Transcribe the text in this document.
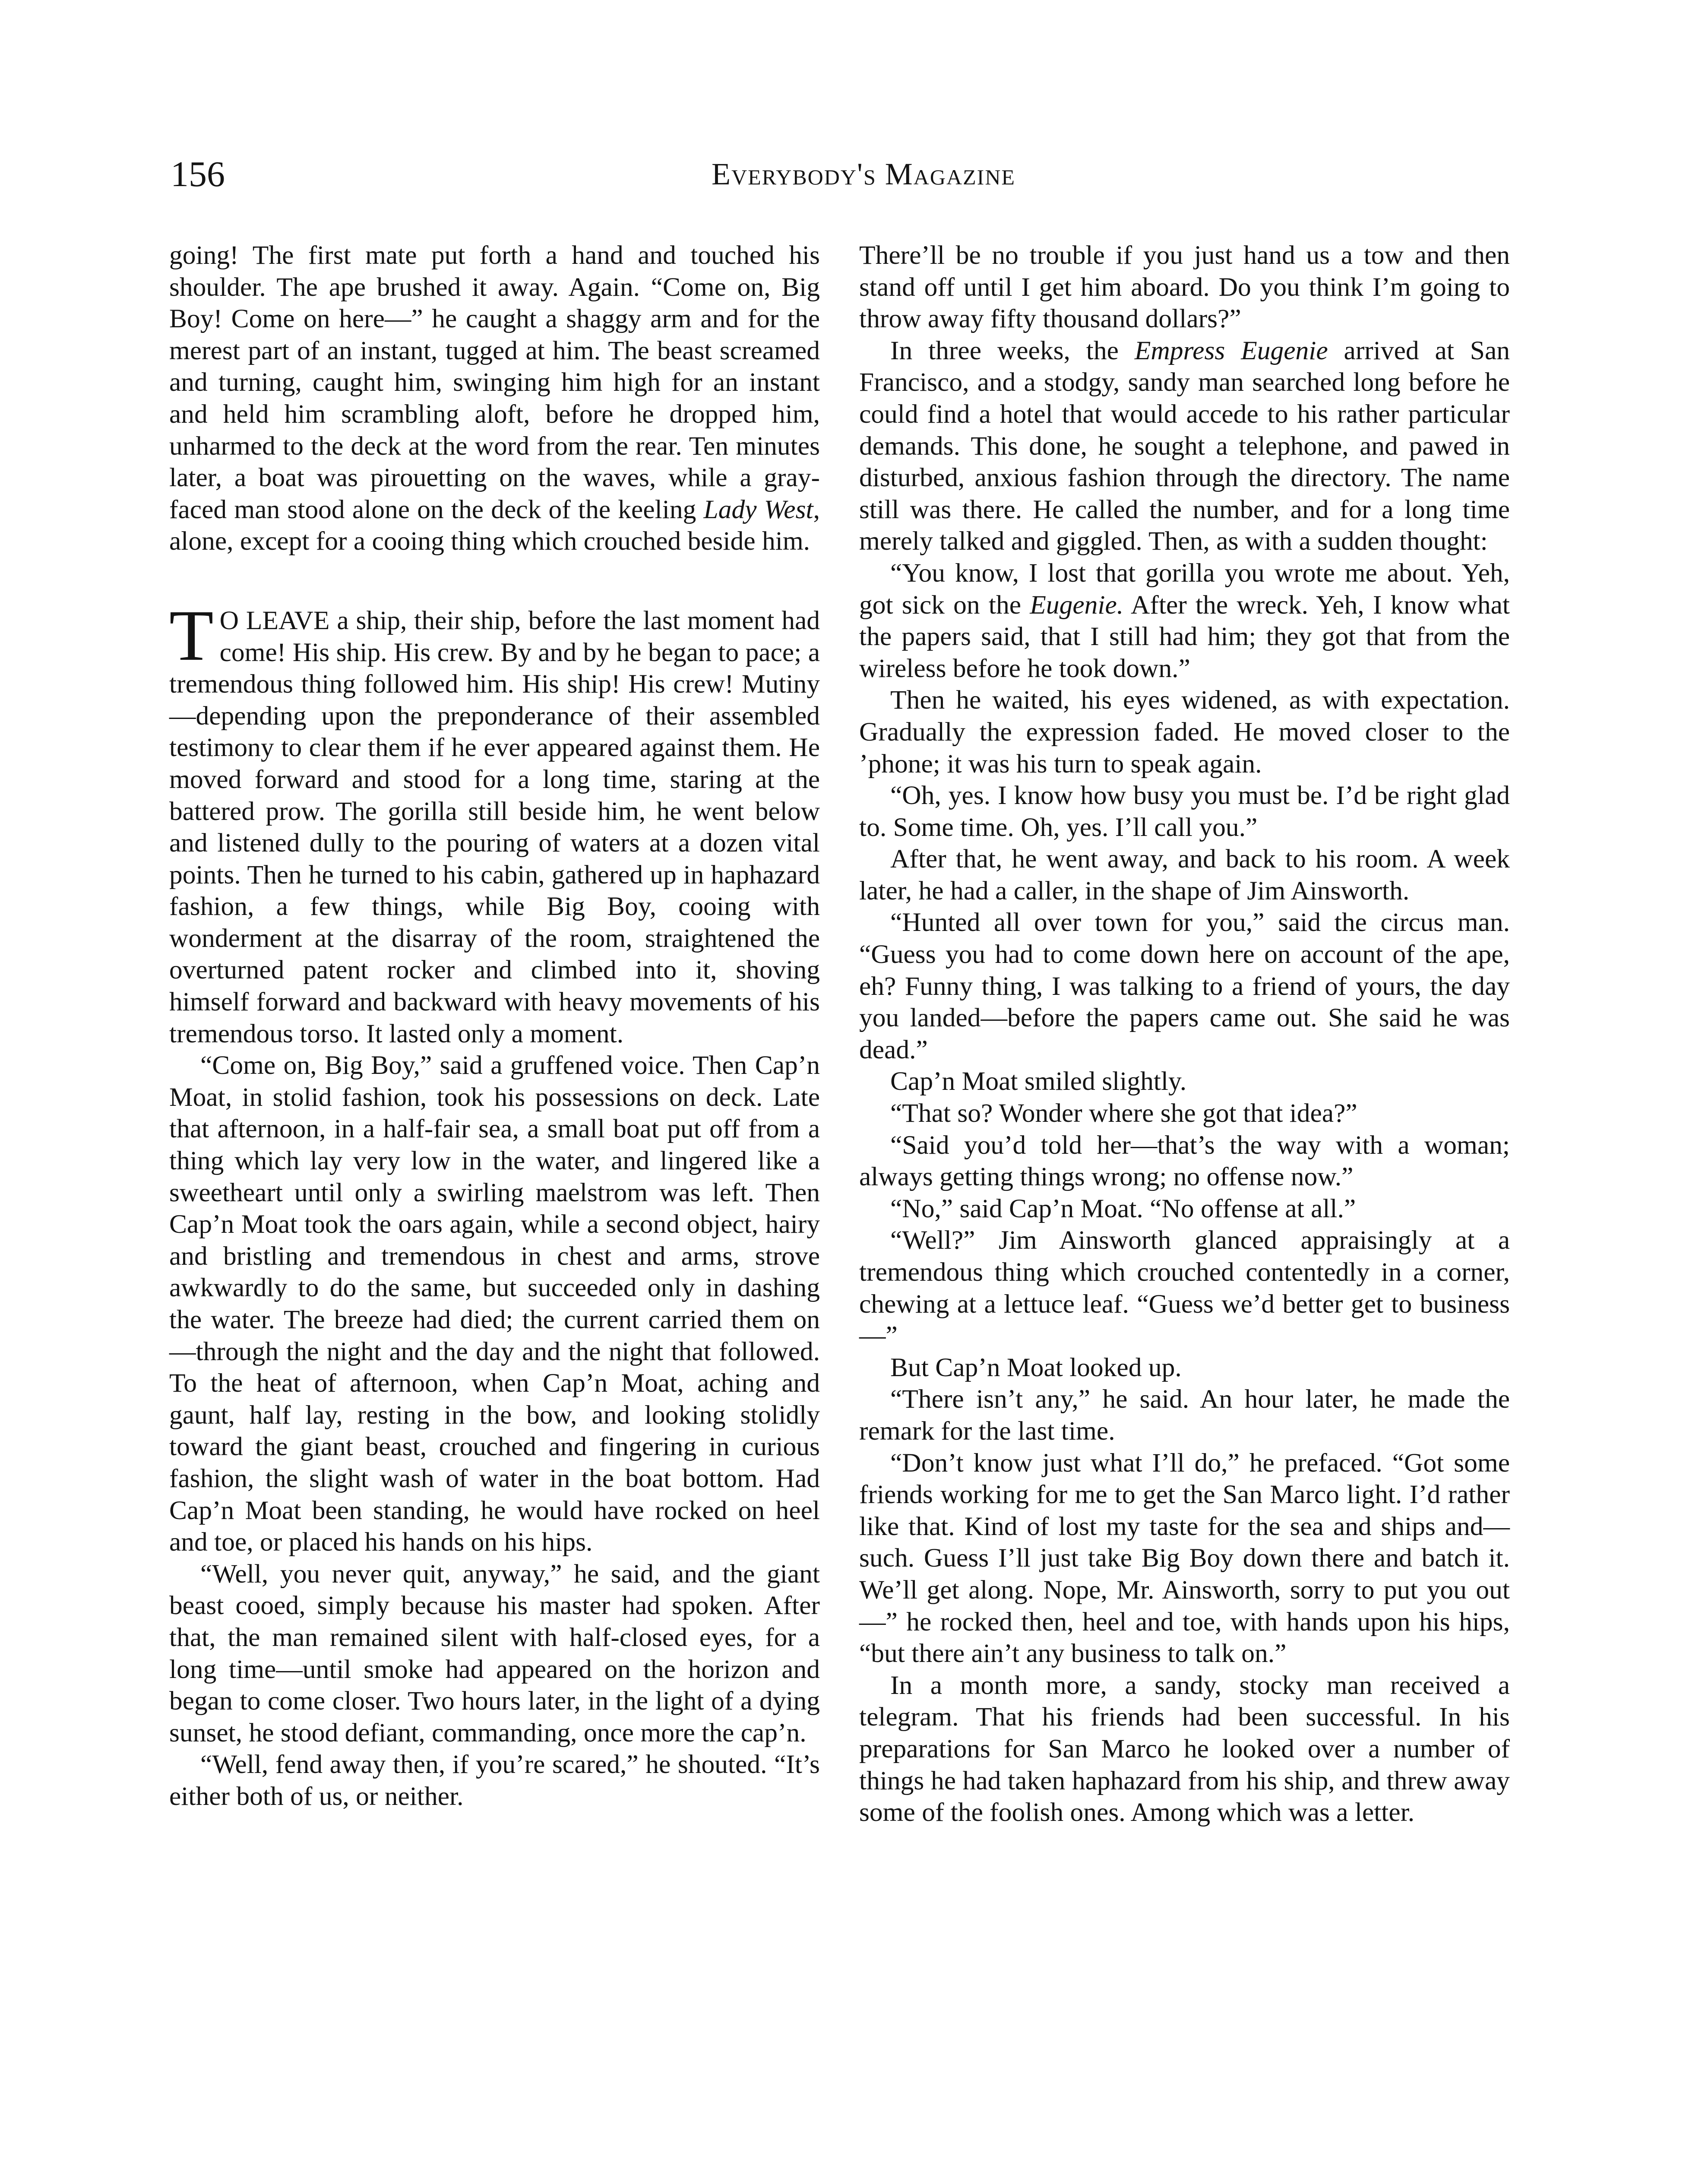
156	Everybody's Magazine

going! The first mate put forth a hand and touched his shoulder. The ape brushed it away. Again. “Come on, Big Boy! Come on here—” he caught a shaggy arm and for the merest part of an instant, tugged at him. The beast screamed and turning, caught him, swinging him high for an instant and held him scrambling aloft, before he dropped him, unharmed to the deck at the word from the rear. Ten minutes later, a boat was pirouetting on the waves, while a gray-faced man stood alone on the deck of the keeling Lady West, alone, except for a cooing thing which crouched beside him.

T O LEAVE a ship, their ship, before the last moment had come! His ship. His crew. By and by he began to pace; a tremendous thing followed him. His ship! His crew! Mutiny —depending upon the preponderance of their assembled testimony to clear them if he ever appeared against them. He moved forward and stood for a long time, staring at the battered prow. The gorilla still beside him, he went below and listened dully to the pouring of waters at a dozen vital points. Then he turned to his cabin, gathered up in haphazard fashion, a few things, while Big Boy, cooing with wonderment at the disarray of the room, straightened the overturned patent rocker and climbed into it, shoving himself forward and backward with heavy movements of his tremendous torso. It lasted only a moment.

“Come on, Big Boy,” said a gruffened voice. Then Cap’n Moat, in stolid fashion, took his possessions on deck. Late that afternoon, in a half-fair sea, a small boat put off from a thing which lay very low in the water, and lingered like a sweetheart until only a swirling maelstrom was left. Then Cap’n Moat took the oars again, while a second object, hairy and bristling and tremendous in chest and arms, strove awkwardly to do the same, but succeeded only in dashing the water. The breeze had died; the current carried them on—through the night and the day and the night that followed. To the heat of afternoon, when Cap’n Moat, aching and gaunt, half lay, resting in the bow, and looking stolidly toward the giant beast, crouched and fingering in curious fashion, the slight wash of water in the boat bottom. Had Cap’n Moat been standing, he would have rocked on heel and toe, or placed his hands on his hips.

“Well, you never quit, anyway,” he said, and the giant beast cooed, simply because his master had spoken. After that, the man remained silent with half-closed eyes, for a long time—until smoke had appeared on the horizon and began to come closer. Two hours later, in the light of a dying sunset, he stood defiant, commanding, once more the cap’n.

“Well, fend away then, if you’re scared,” he shouted. “It’s either both of us, or neither.

There’ll be no trouble if you just hand us a tow and then stand off until I get him aboard. Do you think I’m going to throw away fifty thousand dollars?”

In three weeks, the Empress Eugenie arrived at San Francisco, and a stodgy, sandy man searched long before he could find a hotel that would accede to his rather particular demands. This done, he sought a telephone, and pawed in disturbed, anxious fashion through the directory. The name still was there. He called the number, and for a long time merely talked and giggled. Then, as with a sudden thought:

“You know, I lost that gorilla you wrote me about. Yeh, got sick on the Eugenie. After the wreck. Yeh, I know what the papers said, that I still had him; they got that from the wireless before he took down.”

Then he waited, his eyes widened, as with expectation. Gradually the expression faded. He moved closer to the ’phone; it was his turn to speak again.

“Oh, yes. I know how busy you must be. I’d be right glad to. Some time. Oh, yes. I’ll call you.”

After that, he went away, and back to his room. A week later, he had a caller, in the shape of Jim Ainsworth.

“Hunted all over town for you,” said the circus man. “Guess you had to come down here on account of the ape, eh? Funny thing, I was talking to a friend of yours, the day you landed—before the papers came out. She said he was dead.”

Cap’n Moat smiled slightly.

“That so? Wonder where she got that idea?”

“Said you’d told her—that’s the way with a woman; always getting things wrong; no offense now.”

“No,” said Cap’n Moat. “No offense at all.”

“Well?” Jim Ainsworth glanced appraisingly at a tremendous thing which crouched contentedly in a corner, chewing at a lettuce leaf. “Guess we’d better get to business—”

But Cap’n Moat looked up.

“There isn’t any,” he said. An hour later, he made the remark for the last time.

“Don’t know just what I’ll do,” he prefaced. “Got some friends working for me to get the San Marco light. I’d rather like that. Kind of lost my taste for the sea and ships and—such. Guess I’ll just take Big Boy down there and batch it. We’ll get along. Nope, Mr. Ainsworth, sorry to put you out—” he rocked then, heel and toe, with hands upon his hips, “but there ain’t any business to talk on.”

In a month more, a sandy, stocky man received a telegram. That his friends had been successful. In his preparations for San Marco he looked over a number of things he had taken haphazard from his ship, and threw away some of the foolish ones. Among which was a letter.
